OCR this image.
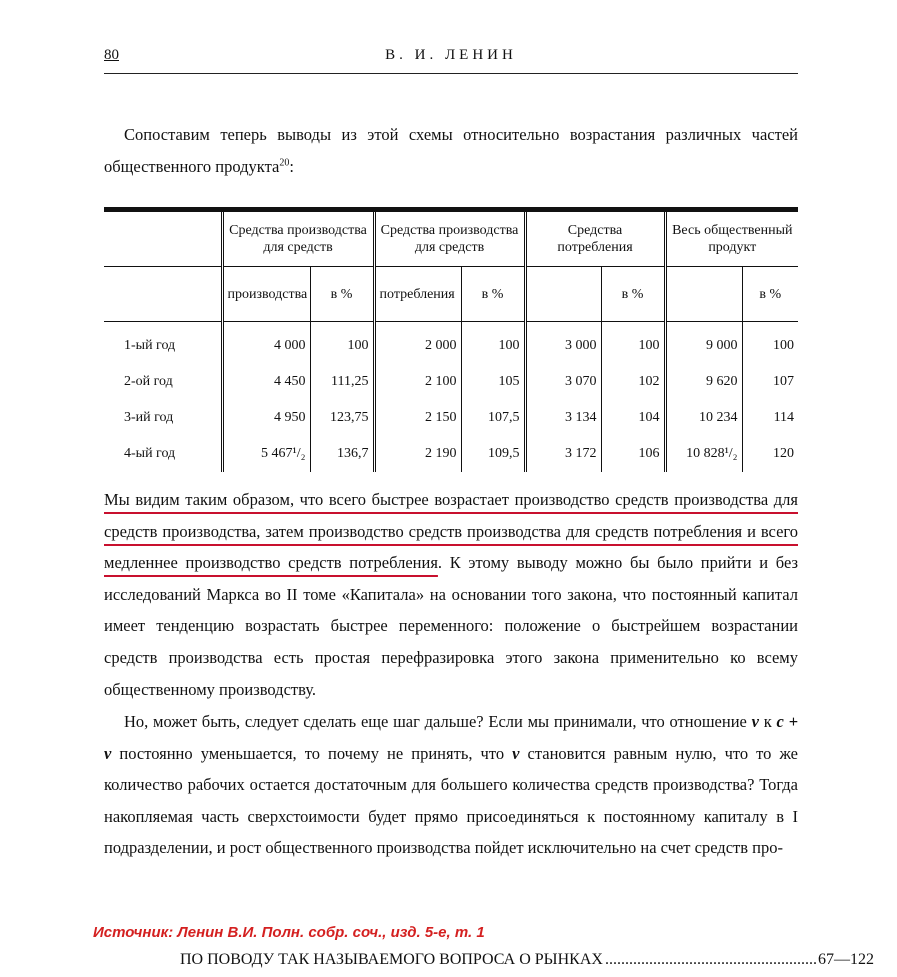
80	В. И. ЛЕНИН

Сопоставим теперь выводы из этой схемы относительно возрастания различных частей общественного продукта$^{20}$:

	Средства производства для средств		Средства производства для средств		Средства потребления		Весь общественный продукт	
	производства	в %	потребления	в %		в %		в %
1-ый год	4 000	100	2 000	100	3 000	100	9 000	100
2-ой год	4 450	111,25	2 100	105	3 070	102	9 620	107
3-ий год	4 950	123,75	2 150	107,5	3 134	104	10 234	114
4-ый год	5 467¹/₂	136,7	2 190	109,5	3 172	106	10 828¹/₂	120

Мы видим таким образом, что всего быстрее возрастает производство средств производства для средств производства, затем производство средств производства для средств потребления и всего медленнее производство средств потребления. К этому выводу можно бы было прийти и без исследований Маркса во II томе «Капитала» на основании того закона, что постоянный капитал имеет тенденцию возрастать быстрее переменного: положение о быстрейшем возрастании средств производства есть простая перефразировка этого закона применительно ко всему общественному производству.

Но, может быть, следует сделать еще шаг дальше? Если мы принимали, что отношение v к c + v постоянно уменьшается, то почему не принять, что v становится равным нулю, что то же количество рабочих остается достаточным для большего количества средств производства? Тогда накопляемая часть сверхстоимости будет прямо присоединяться к постоянному капиталу в I подразделении, и рост общественного производства пойдет исключительно на счет средств про-

Источник: Ленин В.И. Полн. собр. соч., изд. 5-е, т. 1
ПО ПОВОДУ ТАК НАЗЫВАЕМОГО ВОПРОСА О РЫНКАХ .....	67—122
